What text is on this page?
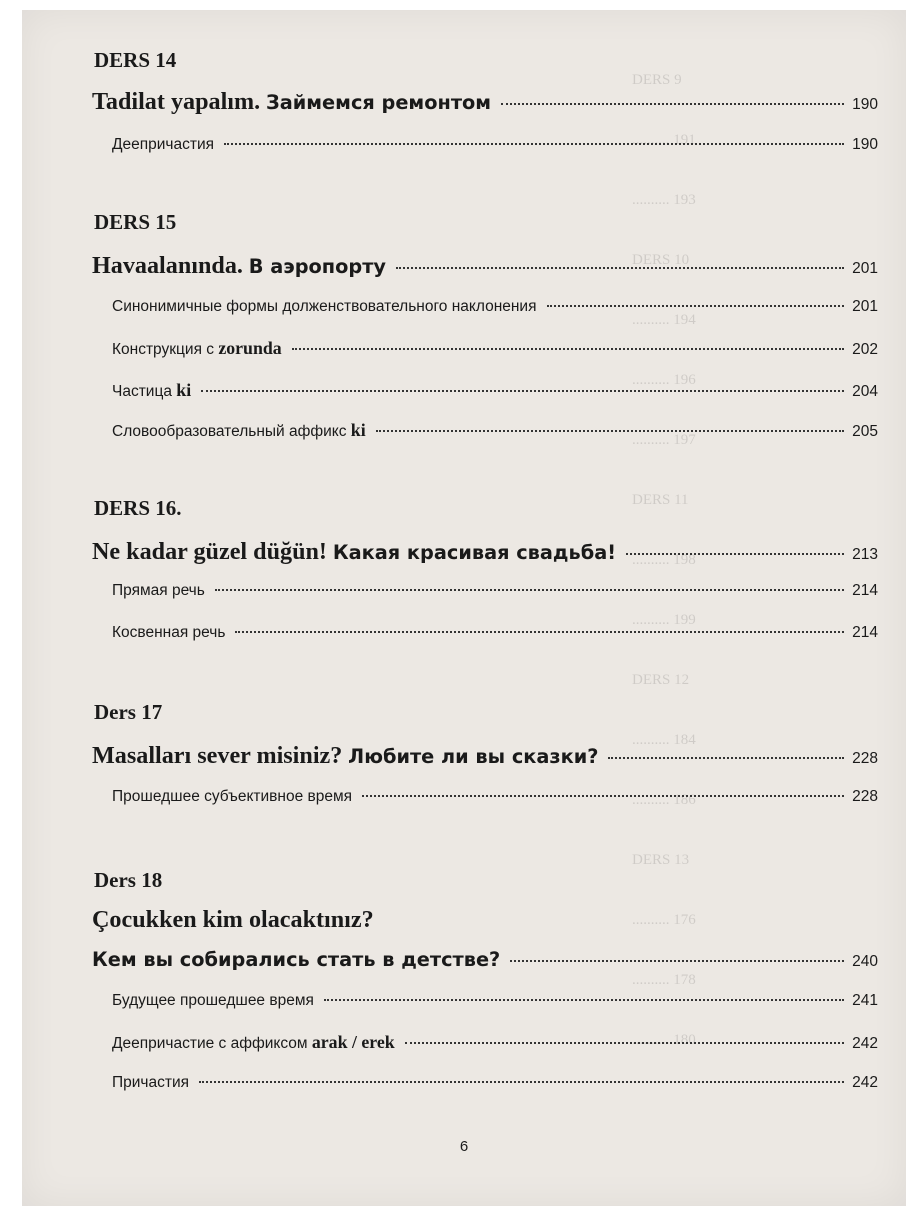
DERS 9
.......... 191
.......... 193
DERS 10
.......... 194
.......... 196
.......... 197
DERS 11
.......... 198
.......... 199
DERS 12
.......... 184
.......... 186
DERS 13
.......... 176
.......... 178
.......... 180
DERS 14
Tadilat yapalım. Займемся ремонтом	190
Деепричастия	190
DERS 15
Havaalanında. В аэропорту	201
Синонимичные формы долженствовательного наклонения	201
Конструкция с zorunda	202
Частица ki	204
Словообразовательный аффикс ki	205
DERS 16.
Ne kadar güzel düğün! Какая красивая свадьба!	213
Прямая речь	214
Косвенная речь	214
Ders 17
Masalları sever misiniz? Любите ли вы сказки?	228
Прошедшее субъективное время	228
Ders 18
Çocukken kim olacaktınız?
Кем вы собирались стать в детстве?	240
Будущее прошедшее время	241
Деепричастие с аффиксом arak / erek	242
Причастия	242
6
